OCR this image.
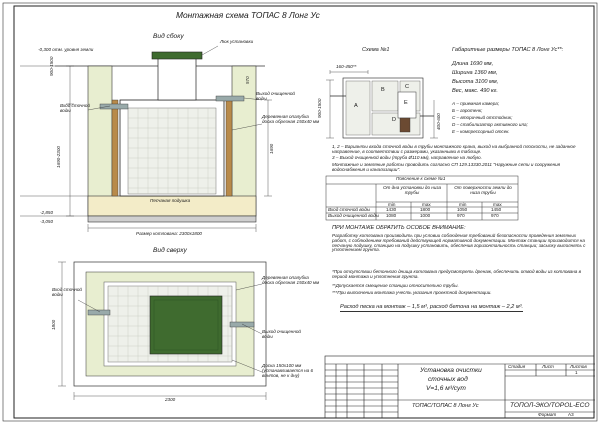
Монтажная схема ТОПАС 8 Лонг Ус
Вид сбоку
Люк установки
-0,300 отм. уровня земли
Вход сточной воды
Выход очищенной воды
Деревянная опалубка доска обрезная 150х40 мм
Песчаная подушка
Размер котлована: 2300х1800
-2,850
-3,050
900-1500
1690-2300	1690
570
Вид сверху
Вход сточной воды
Деревянная опалубка доска обрезная 150х40 мм
Выход очищенной воды
Доска 150х100 мм (устанавливается на 6 винтов, не к дну)
2300
1800
Схема №1
160-450**
900-1500
400-600
A
B	C
D
E
Габаритные размеры ТОПАС 8 Лонг Ус**:
Длина 1690 мм,
Ширина 1360 мм,
Высота 3100 мм,
Вес, макс. 490 кг.
А – приемная камера;
Б – аэротенк;
С – вторичный отстойник;
D – стабилизатор активного ила;
Е – компрессорный отсек.
1, 2 – Варианты входа сточной воды в трубы монтажного крана, выход на выбранной плоскости, не заданное направление, в соответствии с размерами, указанными в таблице.
3 – Выход очищенной воды (труба Ø110 мм), направление на любую.
Монтажные и земляные работы проводить согласно СП 129.13330.2011 "Наружные сети и сооружения водоснабжения и канализации".
Пояснение к схеме №1
От дна установки до низа трубы
От поверхности земли до низа трубы
min	max	min	max
Вход сточной воды	1430	1800	1050	1450
Выход очищенной воды 1080	1000	970	970
ПРИ МОНТАЖЕ ОБРАТИТЬ ОСОБОЕ ВНИМАНИЕ:
Разработку котлована производить при условии соблюдения требований безопасности проведения земляных работ, с соблюдением требований действующей нормативной документации. Монтаж станции производится на песчаную подушку, станцию на подушку установить, обеспечив горизонтальность станции; засыпку выполнять с уплотнением грунта.
*При отсутствии бетонного днища котлована предусмотреть дренаж, обеспечить отвод воды из котлована в период монтажа и уплотнения грунта.
**Допускается смещение станции относительно трубы.
***При выполнении монтажа учесть указания проектной документации.
Расход песка на монтаж – 1,5 м³, расход бетона на монтаж – 2,2 м³.
Установка очистки
сточных вод
V=1,6 м³/сут
ТОПАС/ТОПАС 8 Лонг Ус	ТОПОЛ-ЭКО/TOPOL-ECO
Стадия	Лист	Листов
1
Формат	А3
